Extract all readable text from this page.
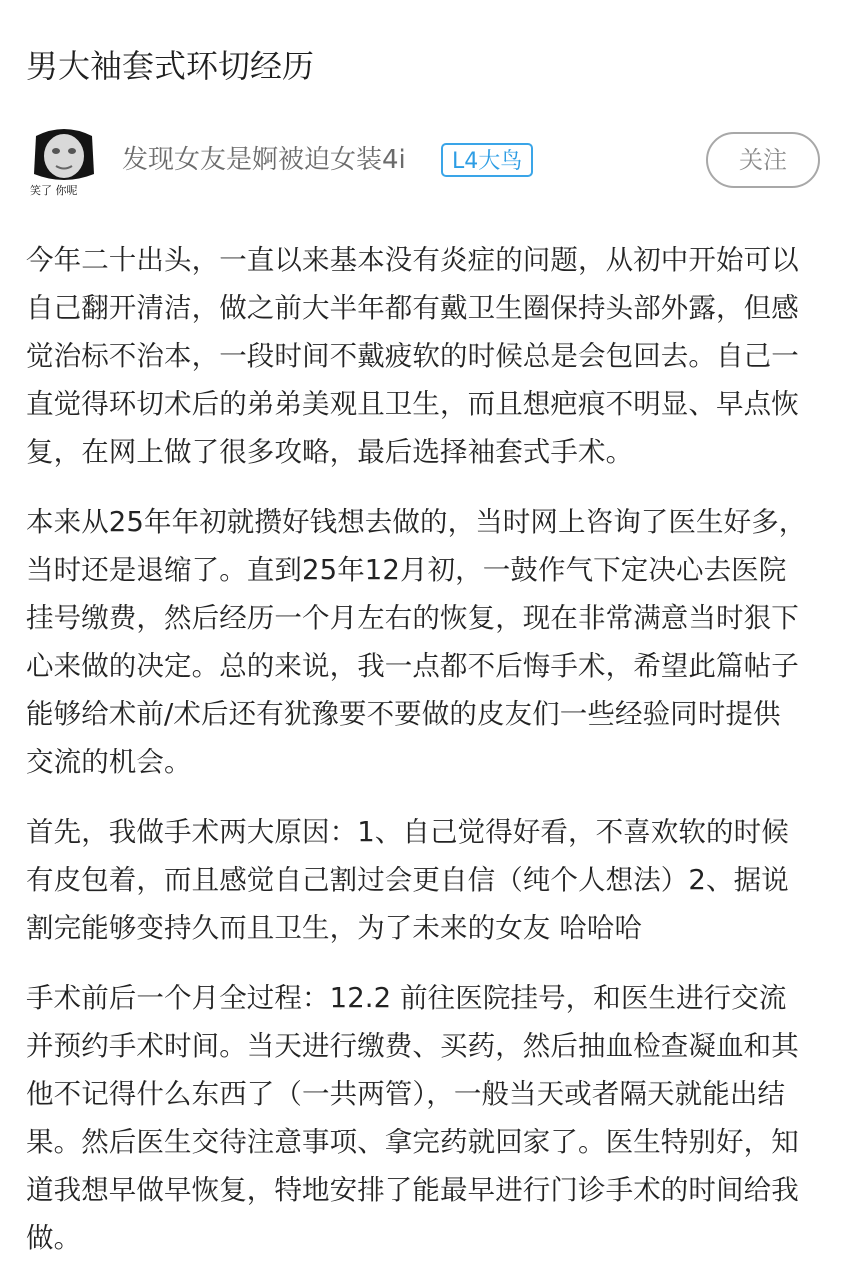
男大袖套式环切经历
笑了 你呢
发现女友是婀被迫女装4i	L4大鸟	关注

今年二十出头，一直以来基本没有炎症的问题，从初中开始可以
自己翻开清洁，做之前大半年都有戴卫生圈保持头部外露，但感
觉治标不治本，一段时间不戴疲软的时候总是会包回去。自己一
直觉得环切术后的弟弟美观且卫生，而且想疤痕不明显、早点恢
复，在网上做了很多攻略，最后选择袖套式手术。

本来从25年年初就攒好钱想去做的，当时网上咨询了医生好多，
当时还是退缩了。直到25年12月初，一鼓作气下定决心去医院
挂号缴费，然后经历一个月左右的恢复，现在非常满意当时狠下
心来做的决定。总的来说，我一点都不后悔手术，希望此篇帖子
能够给术前/术后还有犹豫要不要做的皮友们一些经验同时提供
交流的机会。

首先，我做手术两大原因：1、自己觉得好看，不喜欢软的时候
有皮包着，而且感觉自己割过会更自信（纯个人想法）2、据说
割完能够变持久而且卫生，为了未来的女友 哈哈哈

手术前后一个月全过程：12.2 前往医院挂号，和医生进行交流
并预约手术时间。当天进行缴费、买药，然后抽血检查凝血和其
他不记得什么东西了（一共两管），一般当天或者隔天就能出结
果。然后医生交待注意事项、拿完药就回家了。医生特别好，知
道我想早做早恢复，特地安排了能最早进行门诊手术的时间给我
做。
